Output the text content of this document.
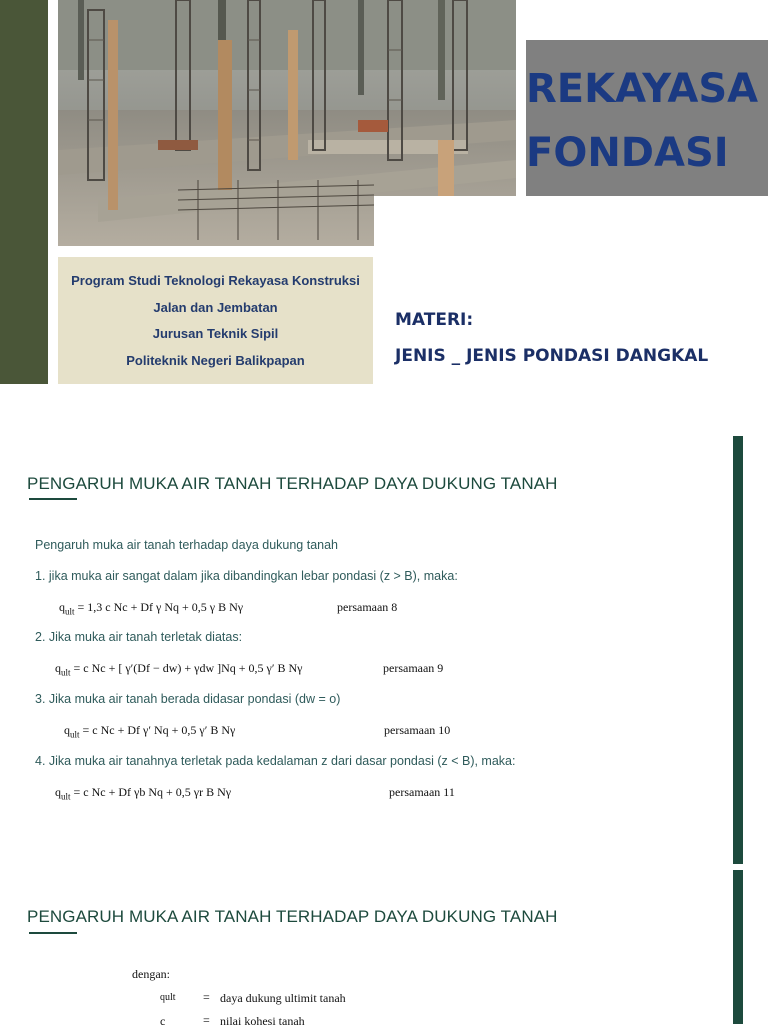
REKAYASA
FONDASI
Program Studi Teknologi Rekayasa Konstruksi
Jalan dan Jembatan
Jurusan Teknik Sipil
Politeknik Negeri Balikpapan
MATERI:
JENIS _ JENIS PONDASI DANGKAL
PENGARUH MUKA AIR TANAH TERHADAP DAYA DUKUNG TANAH
Pengaruh muka air tanah terhadap daya dukung tanah
1. jika muka air sangat dalam jika dibandingkan lebar pondasi (z > B), maka:
$q_{ult} = 1,3$ c Nc + Df γ Nq + 0,5 γ B Nγ	persamaan 8
2. Jika muka air tanah terletak diatas:
$q_{ult} = c$ Nc + [ γ′(Df − dw) + γdw ]Nq + 0,5 γ′ B Nγ	persamaan 9
3. Jika muka air tanah berada didasar pondasi (dw = o)
$q_{ult} = c$ Nc + Df γ′ Nq + 0,5 γ′ B Nγ	persamaan 10
4. Jika muka air tanahnya terletak pada kedalaman z dari dasar pondasi (z < B), maka:
$q_{ult} = c$ Nc + Df γb Nq + 0,5 γr B Nγ	persamaan 11
PENGARUH MUKA AIR TANAH TERHADAP DAYA DUKUNG TANAH
dengan:
qult = daya dukung ultimit tanah
c	= nilai kohesi tanah
